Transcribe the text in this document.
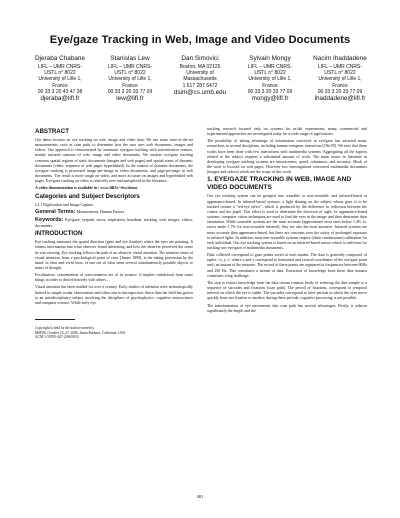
Eye/gaze Tracking in Web, Image and Video Documents
Djeraba Chabane
LIFL – UMR CNRS-
USTL n° 8022
University of Lille 1,
France
00 33 3 20 43 47 38
djeraba@lifl.fr
Stanislas Lew
LIFL – UMR CNRS-
USTL n° 8022
University of Lille 1,
France
00 33 3 20 33 77 09
lew@lifl.fr
Dan Simovici
Boston, MA 02125
University of
Massachusetts
1 617 287 6472
dsim@cs.umb.edu
Sylvain Mongy
LIFL – UMR CNRS-
USTL n° 8022
University of Lille 1,
France
00 33 3 20 33 77 09
mongy@lifl.fr
Nacim Ihaddadene
LIFL – UMR CNRS-
USTL n° 8022
University of Lille 1,
France
00 33 3 20 33 77 09
ihaddadene@lifl.fr
ABSTRACT

Our demo focuses on eye tracking on web, image and video data. We use some state-of-the-art measurements, such as scan path, to determine how the user uses web documents, images and videos. Our approach is characterized by automatic eye/gaze tracking with non-intrusive sensors, mainly infrared cameras of web, image and video documents. We analyze eye/gaze tracking concerns spatial regions of static documents (images and web pages) and spatial zones of dynamic documents (video, sequence of web pages hyperlinked). In the context of dynamic documents, the eye/gaze tracking is processed image-per-image in video documents, and page-per-page in web documents. The result is more rough on video, and more accurate on images and hyperlinked web pages. Eye/gaze tracking on video is relatively new and unexplored in the literature.

A video demonstration is available in : www.lifl.fr/~lew/demo

Categories and Subject Descriptors

I.4.1 Digitization and Image Capture

General Terms: Measurement, Human Factors.

Keywords: Eye/gaze, eyepath, stress, respiration, heartbeat, tracking, web, images, videos, documents.

INTRODUCTION

Eye tracking measures the spatial direction (gaze and eye fixation) where the eyes are pointing. It returns information into what observer found interesting, and how the observer perceived the scene he was viewing. Eye tracking follows the path of an observer visual attention. The intuitive sense of visual attention, from a psychological point of view [James 1890], is the taking possession by the mind, in clear and vivid form, of one out of what seem several simultaneously possible objects or trains of thought.

Focalization, concentration of consciousness are of its essence. It implies withdrawal from some things in order to deal effectively with others…

Visual attention has been studied for over a century. Early studies of attention were technologically limited to simple ocular observations and often turn to introspection. Since then the field has grown to an interdisciplinary subject involving the disciplines of psychophysics, cognitive neuroscience and computer science. While early eye

Copyright is held by the author/owner(s).
MM'06, October 23–27, 2006, Santa Barbara, California, USA.
ACM 1-59593-447-2/06/0010.

tracking research focused only on systems for in-lab experiments, many commercial and experimental approaches are investigated today for a wide range of applications.

The possibility of taking advantage of information conveyed in eye/gaze has attracted many researchers in several disciplines, including human-computer interaction [Ohi 95]. We note that these works have been done with few interactions with multimedia systems. Aggregating all the aspects related to the subject requires a substantial amount of work. The main issues in literature in developing eye/gaze tracking systems are intrusiveness, speed, robustness, and accuracy. Much of the work is focused on web pages. However few investigations concerned multimedia documents (images and videos) which are the scope of this work.

1. EYE/GAZE TRACKING IN WEB, IMAGE AND VIDEO DOCUMENTS

Our eye tracking system can be grouped into wearable or non-wearable, and infrared-based or appearance-based. In infrared-based systems, a light shining on the subject whose gaze is to be tracked creates a "red-eye effect", which is produced by the difference in reflection between the cornea and the pupil. This effect is used to determine the direction of sight. In appearance-based systems, computer vision techniques are used to find the eyes in the image and then determine their orientation. While wearable systems are the most accurate (approximate error rates below 1.4% vs. errors under 1.7% for non-wearable infrared), they are also the most intrusive. Infrared systems are more accurate than appearance-based, but there are concerns over the safety of prolonged exposure to infrared lights. In addition, most non-wearable systems require (often cumbersome) calibration for each individual. Our eye tracking system is based on an infrared-based sensor which is sufficient for tracking raw eye/gaze of multimedia documents.

Data collected correspond to gaze points saved at each instant. The data is generally composed of tuples <x, y, t> where x and y correspond to horizontal and vertical coordinates of the eye/gaze point and t an instant of the measure. The record of these points are registered at frequencies between 60Hz and 250 Hz. This constitutes a stream of data. Extraction of knowledge from these data streams constitutes a big challenge.

The step to extract knowledge from the data stream consists firstly of reducing the data sample to a sequence of saccades and fixations (scan path). The period of fixations, correspond to temporal interval on which the eye is stable. The saccades correspond to brief periods in which the eyes move quickly from one fixation to another; during these periods, cognitive processing is not possible.

The transformation of eye movements into scan path has several advantages. Firstly, it reduces significantly the length and the

481
